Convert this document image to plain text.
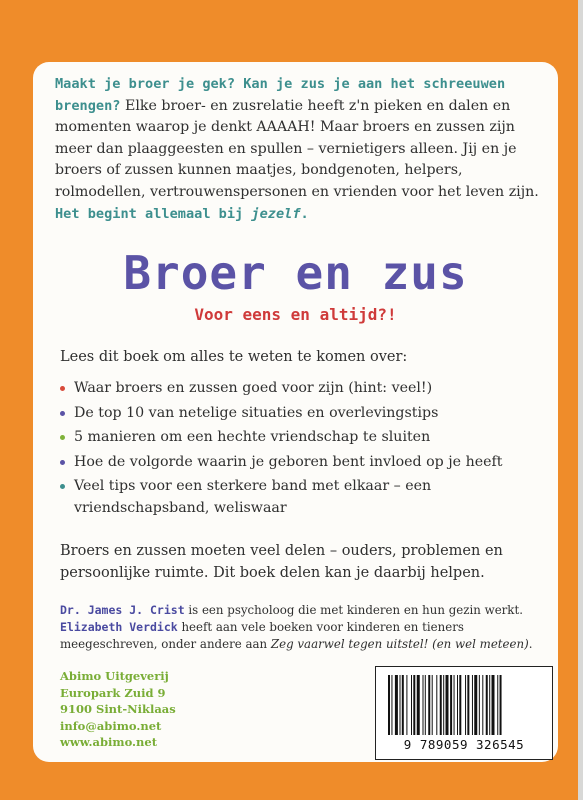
Maakt je broer je gek? Kan je zus je aan het schreeuwen
brengen? Elke broer- en zusrelatie heeft z'n pieken en dalen en momenten waarop je denkt AAAAH! Maar broers en zussen zijn meer dan plaaggeesten en spullen – vernietigers alleen. Jij en je broers of zussen kunnen maatjes, bondgenoten, helpers, rolmodellen, vertrouwenspersonen en vrienden voor het leven zijn. Het begint allemaal bij jezelf.
Broer en zus
Voor eens en altijd?!
Lees dit boek om alles te weten te komen over:
Waar broers en zussen goed voor zijn (hint: veel!)
De top 10 van netelige situaties en overlevingstips
5 manieren om een hechte vriendschap te sluiten
Hoe de volgorde waarin je geboren bent invloed op je heeft
Veel tips voor een sterkere band met elkaar – een vriendschapsband, weliswaar
Broers en zussen moeten veel delen – ouders, problemen en persoonlijke ruimte. Dit boek delen kan je daarbij helpen.
Dr. James J. Crist is een psycholoog die met kinderen en hun gezin werkt.
Elizabeth Verdick heeft aan vele boeken voor kinderen en tieners meegeschreven, onder andere aan Zeg vaarwel tegen uitstel! (en wel meteen).
Abimo Uitgeverij
Europark Zuid 9
9100 Sint-Niklaas
info@abimo.net
www.abimo.net	9 789059 326545
